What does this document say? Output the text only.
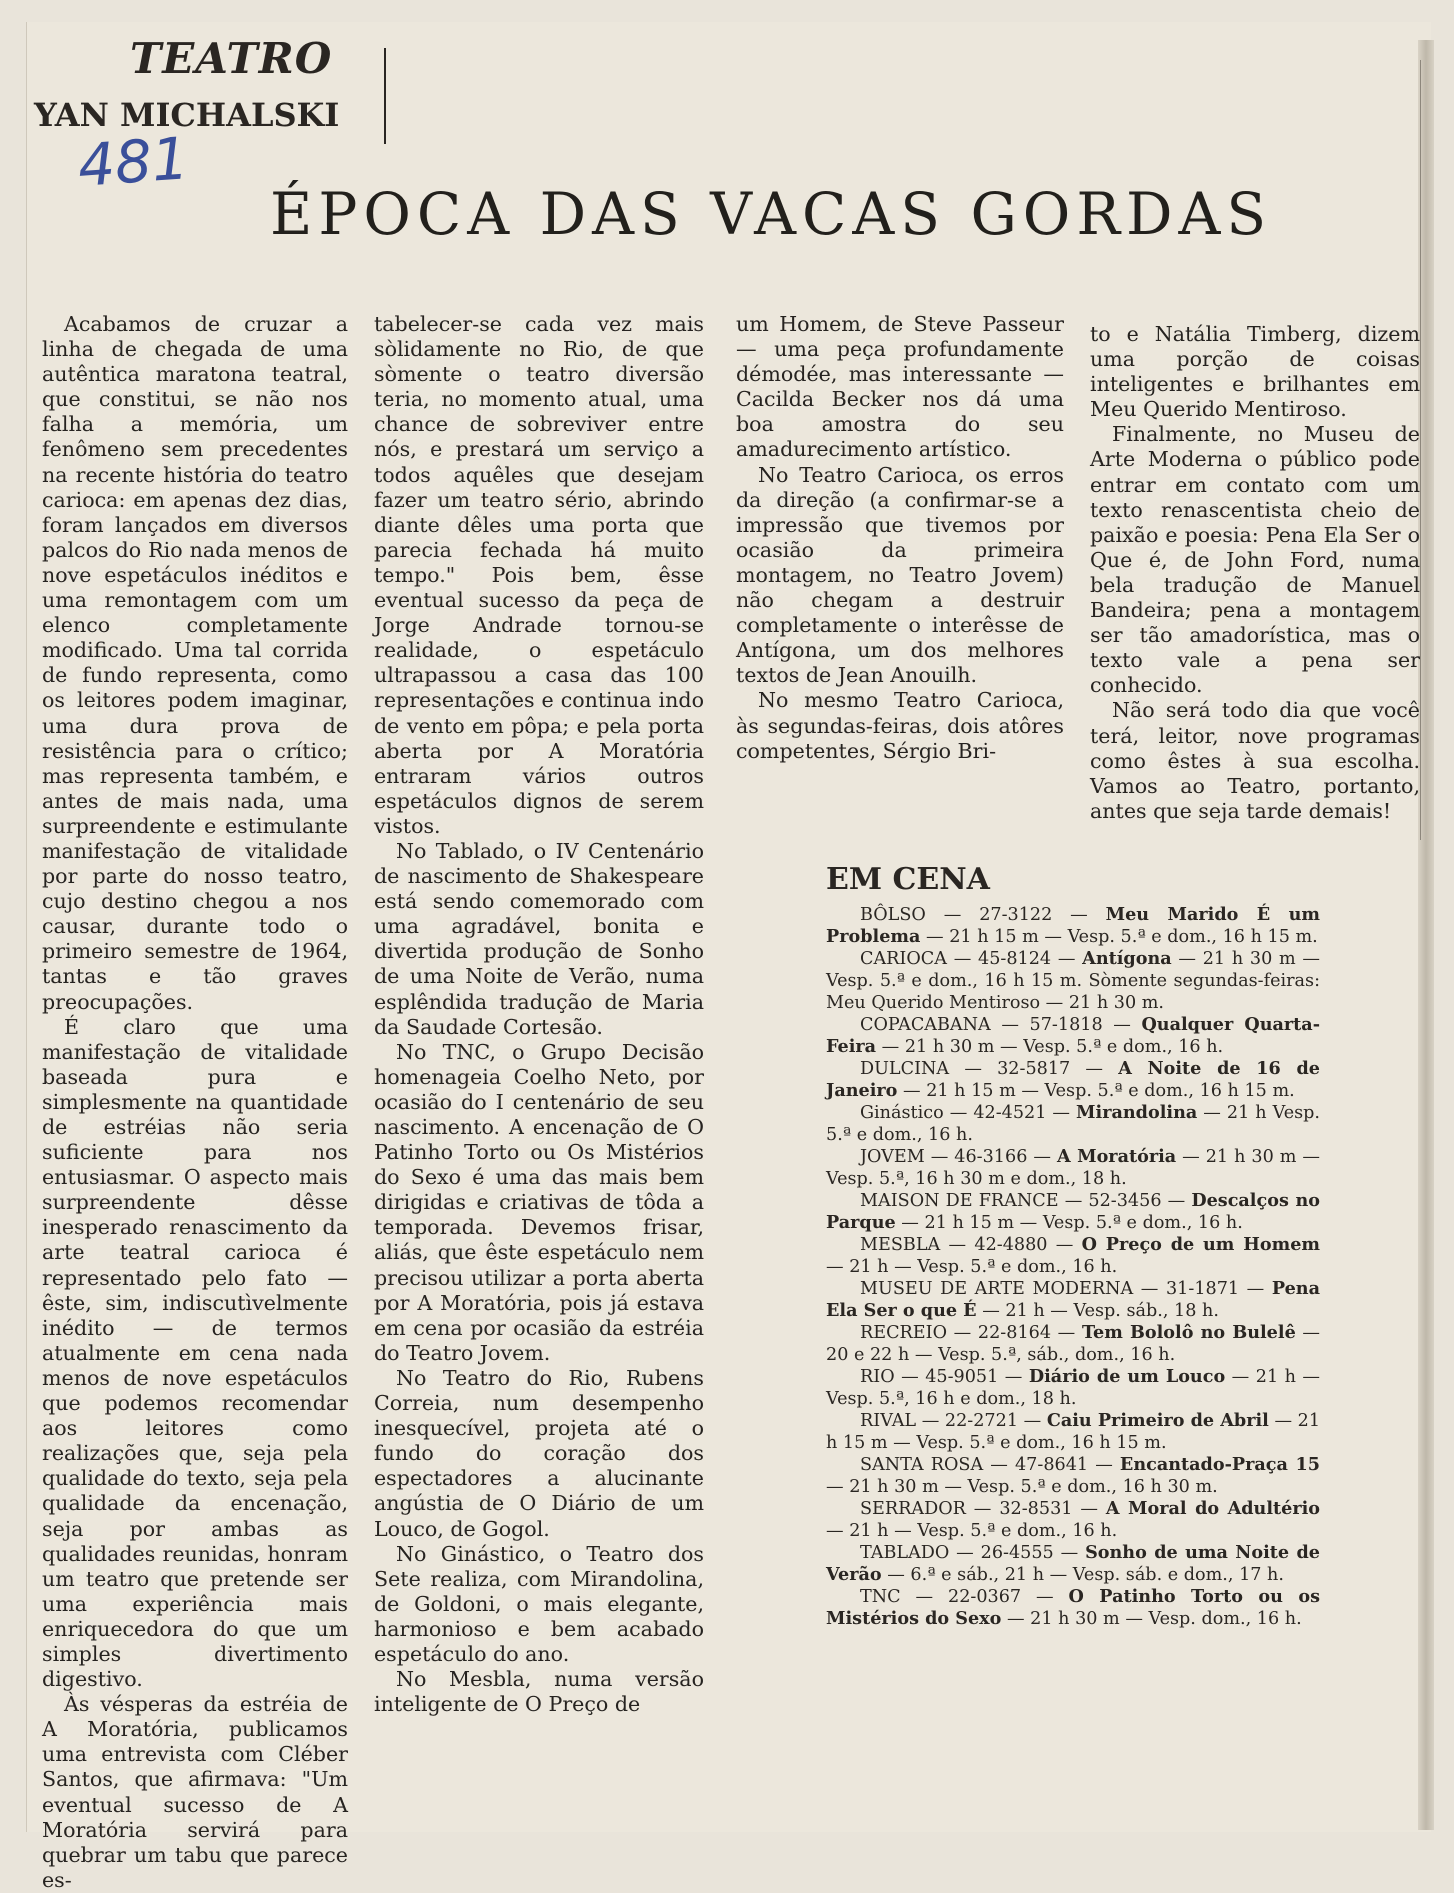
TEATRO
YAN MICHALSKI
481
ÉPOCA DAS VACAS GORDAS

Acabamos de cruzar a linha de chegada de uma autêntica maratona teatral, que constitui, se não nos falha a memória, um fenômeno sem precedentes na recente história do teatro carioca: em apenas dez dias, foram lançados em diversos palcos do Rio nada menos de nove espetáculos inéditos e uma remontagem com um elenco completamente modificado. Uma tal corrida de fundo representa, como os leitores podem imaginar, uma dura prova de resistência para o crítico; mas representa também, e antes de mais nada, uma surpreendente e estimulante manifestação de vitalidade por parte do nosso teatro, cujo destino chegou a nos causar, durante todo o primeiro semestre de 1964, tantas e tão graves preocupações.

É claro que uma manifestação de vitalidade baseada pura e simplesmente na quantidade de estréias não seria suficiente para nos entusiasmar. O aspecto mais surpreendente dêsse inesperado renascimento da arte teatral carioca é representado pelo fato — êste, sim, indiscutìvelmente inédito — de termos atualmente em cena nada menos de nove espetáculos que podemos recomendar aos leitores como realizações que, seja pela qualidade do texto, seja pela qualidade da encenação, seja por ambas as qualidades reunidas, honram um teatro que pretende ser uma experiência mais enriquecedora do que um simples divertimento digestivo.

Às vésperas da estréia de A Moratória, publicamos uma entrevista com Cléber Santos, que afirmava: "Um eventual sucesso de A Moratória servirá para quebrar um tabu que parece es-

tabelecer-se cada vez mais sòlidamente no Rio, de que sòmente o teatro diversão teria, no momento atual, uma chance de sobreviver entre nós, e prestará um serviço a todos aquêles que desejam fazer um teatro sério, abrindo diante dêles uma porta que parecia fechada há muito tempo." Pois bem, êsse eventual sucesso da peça de Jorge Andrade tornou-se realidade, o espetáculo ultrapassou a casa das 100 representações e continua indo de vento em pôpa; e pela porta aberta por A Moratória entraram vários outros espetáculos dignos de serem vistos.

No Tablado, o IV Centenário de nascimento de Shakespeare está sendo comemorado com uma agradável, bonita e divertida produção de Sonho de uma Noite de Verão, numa esplêndida tradução de Maria da Saudade Cortesão.

No TNC, o Grupo Decisão homenageia Coelho Neto, por ocasião do I centenário de seu nascimento. A encenação de O Patinho Torto ou Os Mistérios do Sexo é uma das mais bem dirigidas e criativas de tôda a temporada. Devemos frisar, aliás, que êste espetáculo nem precisou utilizar a porta aberta por A Moratória, pois já estava em cena por ocasião da estréia do Teatro Jovem.

No Teatro do Rio, Rubens Correia, num desempenho inesquecível, projeta até o fundo do coração dos espectadores a alucinante angústia de O Diário de um Louco, de Gogol.

No Ginástico, o Teatro dos Sete realiza, com Mirandolina, de Goldoni, o mais elegante, harmonioso e bem acabado espetáculo do ano.

No Mesbla, numa versão inteligente de O Preço de

um Homem, de Steve Passeur — uma peça profundamente démodée, mas interessante — Cacilda Becker nos dá uma boa amostra do seu amadurecimento artístico.

No Teatro Carioca, os erros da direção (a confirmar-se a impressão que tivemos por ocasião da primeira montagem, no Teatro Jovem) não chegam a destruir completamente o interêsse de Antígona, um dos melhores textos de Jean Anouilh.

No mesmo Teatro Carioca, às segundas-feiras, dois atôres competentes, Sérgio Bri-

to e Natália Timberg, dizem uma porção de coisas inteligentes e brilhantes em Meu Querido Mentiroso.

Finalmente, no Museu de Arte Moderna o público pode entrar em contato com um texto renascentista cheio de paixão e poesia: Pena Ela Ser o Que é, de John Ford, numa bela tradução de Manuel Bandeira; pena a montagem ser tão amadorística, mas o texto vale a pena ser conhecido.

Não será todo dia que você terá, leitor, nove programas como êstes à sua escolha. Vamos ao Teatro, portanto, antes que seja tarde demais!

EM CENA

BÔLSO — 27-3122 — Meu Marido É um Problema — 21 h 15 m — Vesp. 5.ª e dom., 16 h 15 m.

CARIOCA — 45-8124 — Antígona — 21 h 30 m — Vesp. 5.ª e dom., 16 h 15 m. Sòmente segundas-feiras: Meu Querido Mentiroso — 21 h 30 m.

COPACABANA — 57-1818 — Qualquer Quarta-Feira — 21 h 30 m — Vesp. 5.ª e dom., 16 h.

DULCINA — 32-5817 — A Noite de 16 de Janeiro — 21 h 15 m — Vesp. 5.ª e dom., 16 h 15 m.

Ginástico — 42-4521 — Mirandolina — 21 h Vesp. 5.ª e dom., 16 h.

JOVEM — 46-3166 — A Moratória — 21 h 30 m — Vesp. 5.ª, 16 h 30 m e dom., 18 h.

MAISON DE FRANCE — 52-3456 — Descalços no Parque — 21 h 15 m — Vesp. 5.ª e dom., 16 h.

MESBLA — 42-4880 — O Preço de um Homem — 21 h — Vesp. 5.ª e dom., 16 h.

MUSEU DE ARTE MODERNA — 31-1871 — Pena Ela Ser o que É — 21 h — Vesp. sáb., 18 h.

RECREIO — 22-8164 — Tem Bololô no Bulelê — 20 e 22 h — Vesp. 5.ª, sáb., dom., 16 h.

RIO — 45-9051 — Diário de um Louco — 21 h — Vesp. 5.ª, 16 h e dom., 18 h.

RIVAL — 22-2721 — Caiu Primeiro de Abril — 21 h 15 m — Vesp. 5.ª e dom., 16 h 15 m.

SANTA ROSA — 47-8641 — Encantado-Praça 15 — 21 h 30 m — Vesp. 5.ª e dom., 16 h 30 m.

SERRADOR — 32-8531 — A Moral do Adultério — 21 h — Vesp. 5.ª e dom., 16 h.

TABLADO — 26-4555 — Sonho de uma Noite de Verão — 6.ª e sáb., 21 h — Vesp. sáb. e dom., 17 h.

TNC — 22-0367 — O Patinho Torto ou os Mistérios do Sexo — 21 h 30 m — Vesp. dom., 16 h.
